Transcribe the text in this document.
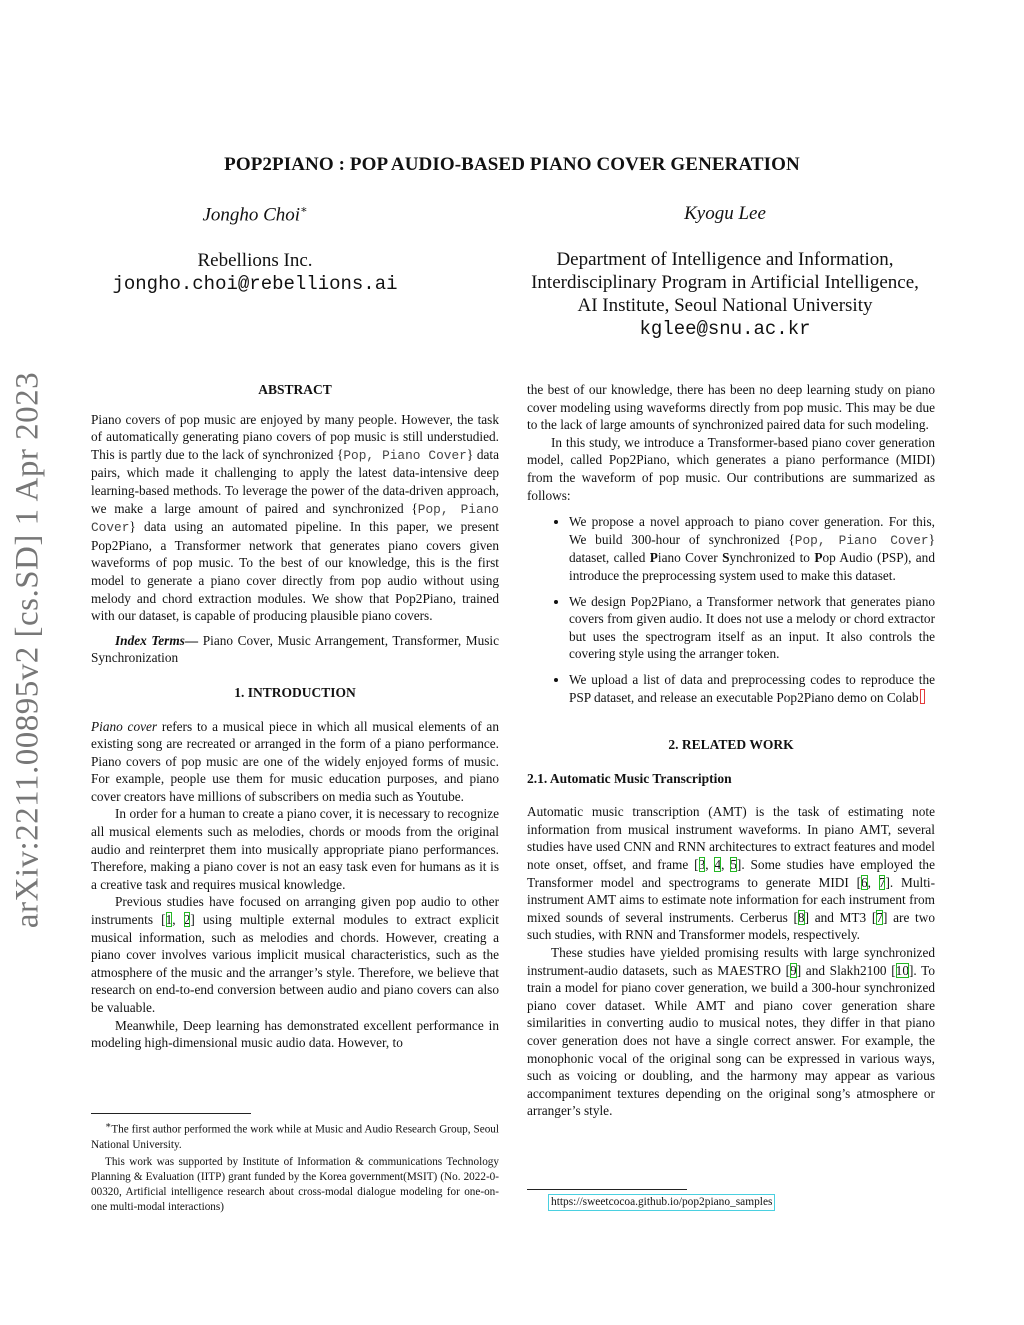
arXiv:2211.00895v2 [cs.SD] 1 Apr 2023
POP2PIANO : POP AUDIO-BASED PIANO COVER GENERATION

Jongho Choi∗

Rebellions Inc.

jongho.choi@rebellions.ai

Kyogu Lee

Department of Intelligence and Information,

Interdisciplinary Program in Artificial Intelligence,

AI Institute, Seoul National University

kglee@snu.ac.kr

ABSTRACT

Piano covers of pop music are enjoyed by many people. However, the task of automatically generating piano covers of pop music is still understudied. This is partly due to the lack of synchronized {Pop, Piano Cover} data pairs, which made it challenging to apply the latest data-intensive deep learning-based methods. To leverage the power of the data-driven approach, we make a large amount of paired and synchronized {Pop, Piano Cover} data using an automated pipeline. In this paper, we present Pop2Piano, a Transformer network that generates piano covers given waveforms of pop music. To the best of our knowledge, this is the first model to generate a piano cover directly from pop audio without using melody and chord extraction modules. We show that Pop2Piano, trained with our dataset, is capable of producing plausible piano covers.

Index Terms— Piano Cover, Music Arrangement, Transformer, Music Synchronization

1. INTRODUCTION

Piano cover refers to a musical piece in which all musical elements of an existing song are recreated or arranged in the form of a piano performance. Piano covers of pop music are one of the widely enjoyed forms of music. For example, people use them for music education purposes, and piano cover creators have millions of subscribers on media such as Youtube.

In order for a human to create a piano cover, it is necessary to recognize all musical elements such as melodies, chords or moods from the original audio and reinterpret them into musically appropriate piano performances. Therefore, making a piano cover is not an easy task even for humans as it is a creative task and requires musical knowledge.

Previous studies have focused on arranging given pop audio to other instruments [1, 2] using multiple external modules to extract explicit musical information, such as melodies and chords. However, creating a piano cover involves various implicit musical characteristics, such as the atmosphere of the music and the arranger’s style. Therefore, we believe that research on end-to-end conversion between audio and piano covers can also be valuable.

Meanwhile, Deep learning has demonstrated excellent performance in modeling high-dimensional music audio data. However, to

∗The first author performed the work while at Music and Audio Research Group, Seoul National University.

This work was supported by Institute of Information & communications Technology Planning & Evaluation (IITP) grant funded by the Korea government(MSIT) (No. 2022-0-00320, Artificial intelligence research about cross-modal dialogue modeling for one-on-one multi-modal interactions)

the best of our knowledge, there has been no deep learning study on piano cover modeling using waveforms directly from pop music. This may be due to the lack of large amounts of synchronized paired data for such modeling.

In this study, we introduce a Transformer-based piano cover generation model, called Pop2Piano, which generates a piano performance (MIDI) from the waveform of pop music. Our contributions are summarized as follows:

• We propose a novel approach to piano cover generation. For this, We build 300-hour of synchronized {Pop, Piano Cover} dataset, called Piano Cover Synchronized to Pop Audio (PSP), and introduce the preprocessing system used to make this dataset.
• We design Pop2Piano, a Transformer network that generates piano covers from given audio. It does not use a melody or chord extractor but uses the spectrogram itself as an input. It also controls the covering style using the arranger token.
• We upload a list of data and preprocessing codes to reproduce the PSP dataset, and release an executable Pop2Piano demo on Colab

2. RELATED WORK

2.1. Automatic Music Transcription

Automatic music transcription (AMT) is the task of estimating note information from musical instrument waveforms. In piano AMT, several studies have used CNN and RNN architectures to extract features and model note onset, offset, and frame [3, 4, 5]. Some studies have employed the Transformer model and spectrograms to generate MIDI [6, 7]. Multi-instrument AMT aims to estimate note information for each instrument from mixed sounds of several instruments. Cerberus [8] and MT3 [7] are two such studies, with RNN and Transformer models, respectively.

These studies have yielded promising results with large synchronized instrument-audio datasets, such as MAESTRO [9] and Slakh2100 [10]. To train a model for piano cover generation, we build a 300-hour synchronized piano cover dataset. While AMT and piano cover generation share similarities in converting audio to musical notes, they differ in that piano cover generation does not have a single correct answer. For example, the monophonic vocal of the original song can be expressed in various ways, such as voicing or doubling, and the harmony may appear as various accompaniment textures depending on the original song’s atmosphere or arranger’s style.

https://sweetcocoa.github.io/pop2piano_samples
